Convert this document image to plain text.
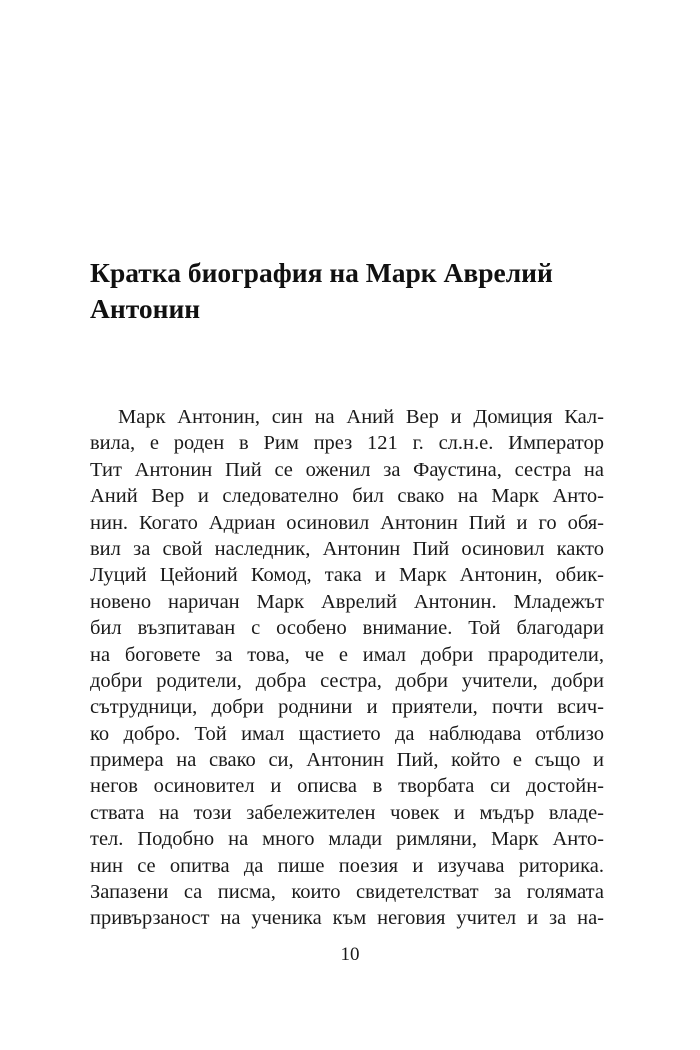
Кратка биография на Марк Аврелий
Антонин
Марк Антонин, син на Аний Вер и Домиция Кал-
вила, е роден в Рим през 121 г. сл.н.е. Император
Тит Антонин Пий се оженил за Фаустина, сестра на
Аний Вер и следователно бил свако на Марк Анто-
нин. Когато Адриан осиновил Антонин Пий и го обя-
вил за свой наследник, Антонин Пий осиновил както
Луций Цейоний Комод, така и Марк Антонин, обик-
новено наричан Марк Аврелий Антонин. Младежът
бил възпитаван с особено внимание. Той благодари
на боговете за това, че е имал добри прародители,
добри родители, добра сестра, добри учители, добри
сътрудници, добри роднини и приятели, почти всич-
ко добро. Той имал щастието да наблюдава отблизо
примера на свако си, Антонин Пий, който е също и
негов осиновител и описва в творбата си достойн-
ствата на този забележителен човек и мъдър владе-
тел. Подобно на много млади римляни, Марк Анто-
нин се опитва да пише поезия и изучава риторика.
Запазени са писма, които свидетелстват за голямата
привързаност на ученика към неговия учител и за на-
10
